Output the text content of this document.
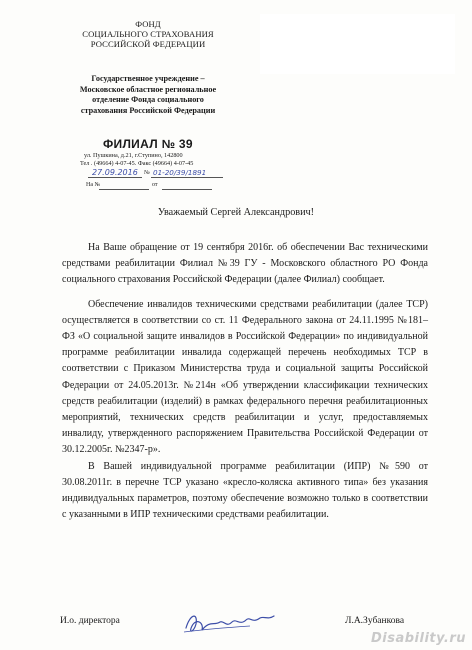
ФОНД
СОЦИАЛЬНОГО СТРАХОВАНИЯ
РОССИЙСКОЙ ФЕДЕРАЦИИ
Государственное учреждение –
Московское областное региональное
отделение Фонда социального
страхования Российской Федерации
ФИЛИАЛ № 39
ул. Пушкина, д.21, г.Ступино, 142800
Тел . (49664) 4-07-45. Факс (49664) 4-07-45
27.09.2016 № 01-20/39/1891
На №	от
Уважаемый Сергей Александрович!

На Ваше обращение от 19 сентября 2016г. об обеспечении Вас техническими средствами реабилитации Филиал №39 ГУ - Московского областного РО Фонда социального страхования Российской Федерации (далее Филиал) сообщает.

Обеспечение инвалидов техническими средствами реабилитации (далее ТСР) осуществляется в соответствии со ст. 11 Федерального закона от 24.11.1995 №181–ФЗ «О социальной защите инвалидов в Российской Федерации» по индивидуальной программе реабилитации инвалида содержащей перечень необходимых ТСР в соответствии с Приказом Министерства труда и социальной защиты Российской Федерации от 24.05.2013г. №214н «Об утверждении классификации технических средств реабилитации (изделий) в рамках федерального перечня реабилитационных мероприятий, технических средств реабилитации и услуг, предоставляемых инвалиду, утвержденного распоряжением Правительства Российской Федерации от 30.12.2005г. №2347-р».

В Вашей индивидуальной программе реабилитации (ИПР) №590 от 30.08.2011г. в перечне ТСР указано «кресло-коляска активного типа» без указания индивидуальных параметров, поэтому обеспечение возможно только в соответствии с указанными в ИПР техническими средствами реабилитации.

И.о. директора	Л.А.Зубанкова
Disability.ru
